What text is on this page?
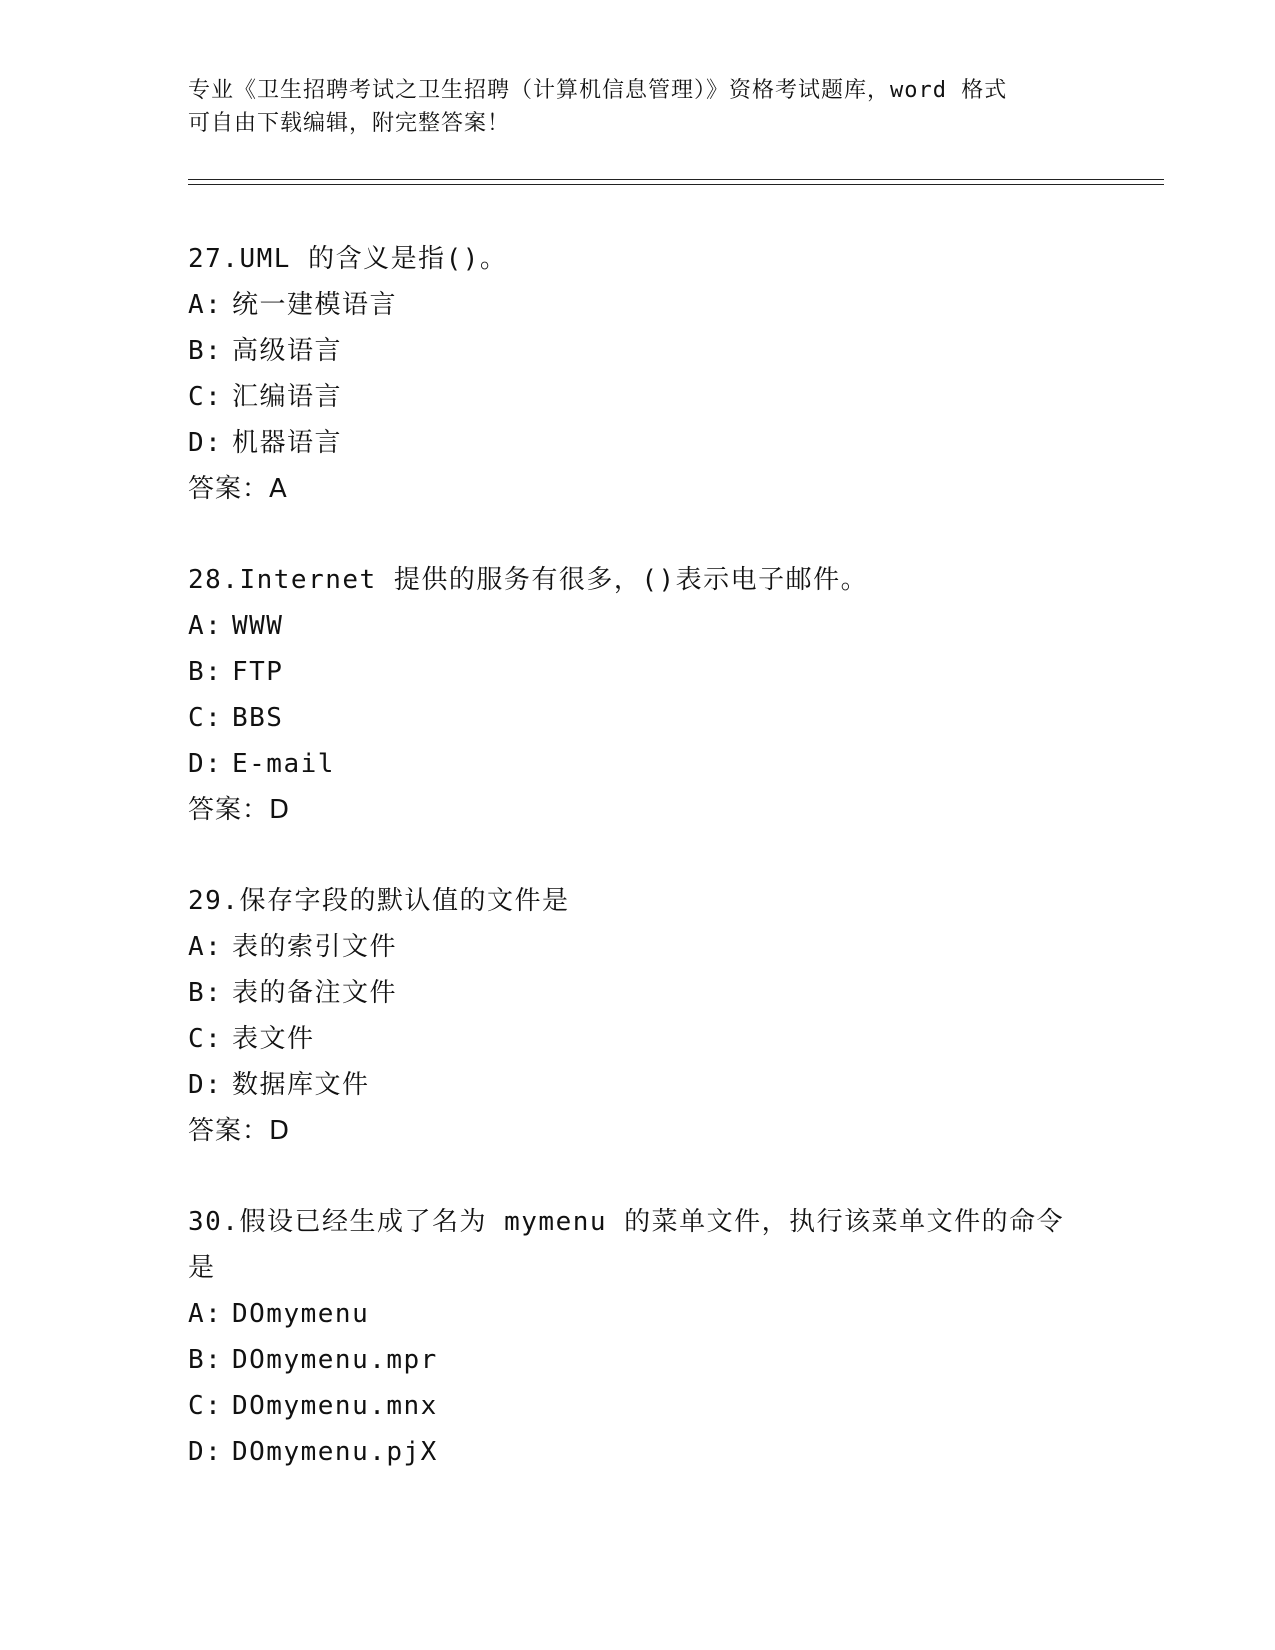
专业《卫生招聘考试之卫生招聘（计算机信息管理）》资格考试题库，word 格式
可自由下载编辑，附完整答案！
27.UML 的含义是指()。
A: 统一建模语言
B: 高级语言
C: 汇编语言
D: 机器语言
答案：A
28.Internet 提供的服务有很多，()表示电子邮件。
A: WWW
B: FTP
C: BBS
D: E-mail
答案：D
29.保存字段的默认值的文件是
A: 表的索引文件
B: 表的备注文件
C: 表文件
D: 数据库文件
答案：D
30.假设已经生成了名为 mymenu 的菜单文件，执行该菜单文件的命令是
A: DOmymenu
B: DOmymenu.mpr
C: DOmymenu.mnx
D: DOmymenu.pjX
